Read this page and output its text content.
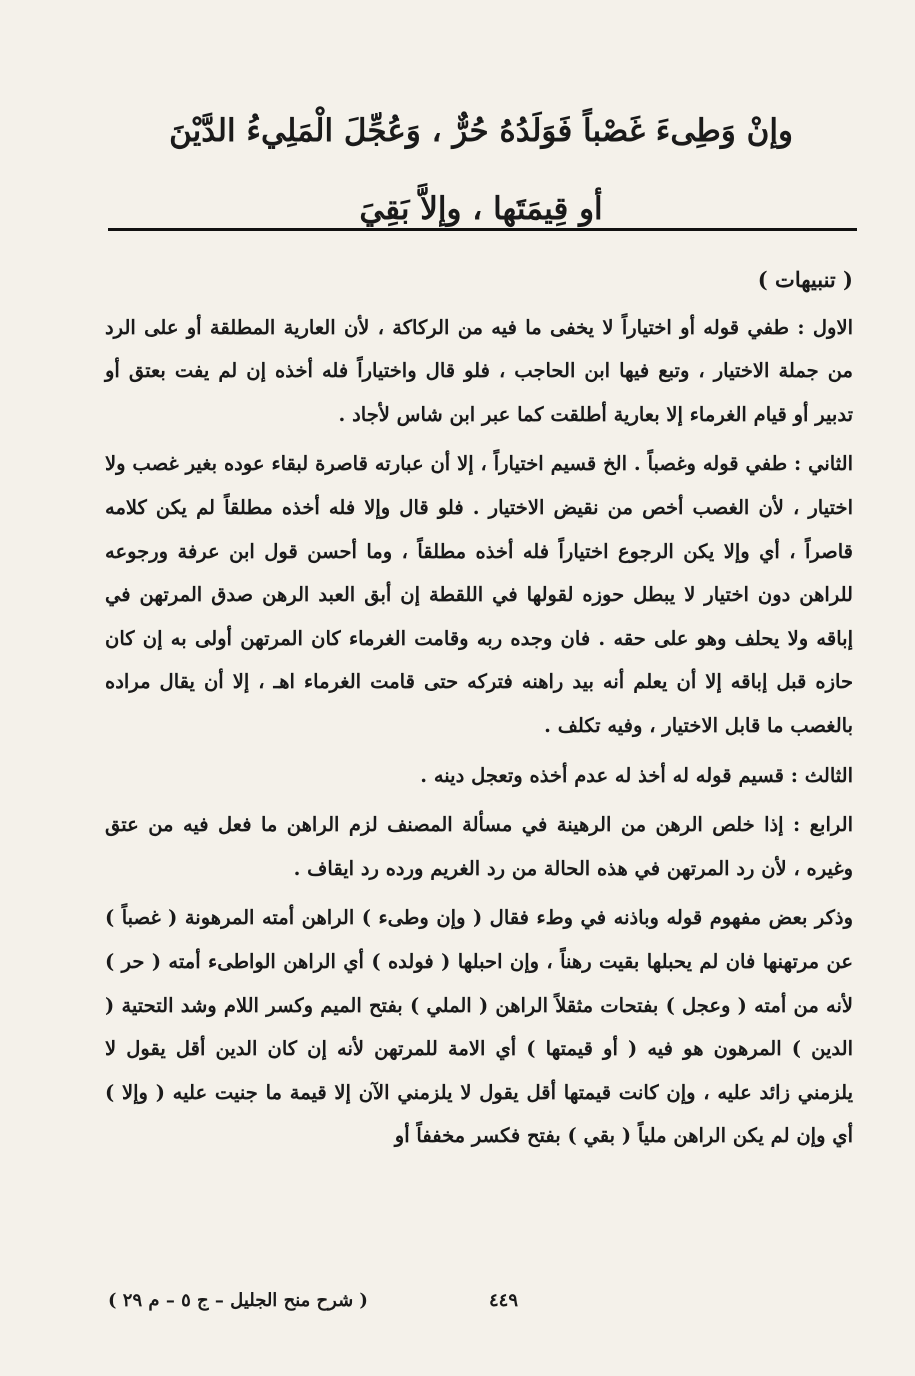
وإنْ وَطِىءَ غَصْباً فَوَلَدُهُ حُرٌّ ، وَعُجِّلَ الْمَلِيءُ الدَّيْنَ
أو قِيمَتَها ، وإلاَّ بَقِيَ
( تنبيهات )

الاول : طفي قوله أو اختياراً لا يخفى ما فيه من الركاكة ، لأن العارية المطلقة أو على الرد من جملة الاختيار ، وتبع فيها ابن الحاجب ، فلو قال واختياراً فله أخذه إن لم يفت بعتق أو تدبير أو قيام الغرماء إلا بعارية أطلقت كما عبر ابن شاس لأجاد .

الثاني : طفي قوله وغصباً . الخ قسيم اختياراً ، إلا أن عبارته قاصرة لبقاء عوده بغير غصب ولا اختيار ، لأن الغصب أخص من نقيض الاختيار . فلو قال وإلا فله أخذه مطلقاً لم يكن كلامه قاصراً ، أي وإلا يكن الرجوع اختياراً فله أخذه مطلقاً ، وما أحسن قول ابن عرفة ورجوعه للراهن دون اختيار لا يبطل حوزه لقولها في اللقطة إن أبق العبد الرهن صدق المرتهن في إباقه ولا يحلف وهو على حقه . فان وجده ربه وقامت الغرماء كان المرتهن أولى به إن كان حازه قبل إباقه إلا أن يعلم أنه بيد راهنه فتركه حتى قامت الغرماء اهـ ، إلا أن يقال مراده بالغصب ما قابل الاختيار ، وفيه تكلف .

الثالث : قسيم قوله له أخذ له عدم أخذه وتعجل دينه .

الرابع : إذا خلص الرهن من الرهينة في مسألة المصنف لزم الراهن ما فعل فيه من عتق وغيره ، لأن رد المرتهن في هذه الحالة من رد الغريم ورده رد ايقاف .

وذكر بعض مفهوم قوله وباذنه في وطء فقال ( وإن وطىء ) الراهن أمته المرهونة ( غصباً ) عن مرتهنها فان لم يحبلها بقيت رهناً ، وإن احبلها ( فولده ) أي الراهن الواطىء أمته ( حر ) لأنه من أمته ( وعجل ) بفتحات مثقلاً الراهن ( الملي ) بفتح الميم وكسر اللام وشد التحتية ( الدين ) المرهون هو فيه ( أو قيمتها ) أي الامة للمرتهن لأنه إن كان الدين أقل يقول لا يلزمني زائد عليه ، وإن كانت قيمتها أقل يقول لا يلزمني الآن إلا قيمة ما جنيت عليه ( وإلا ) أي وإن لم يكن الراهن ملياً ( بقي ) بفتح فكسر مخففاً أو

٤٤٩
( شرح منح الجليل – ج ٥ – م ٢٩ )
